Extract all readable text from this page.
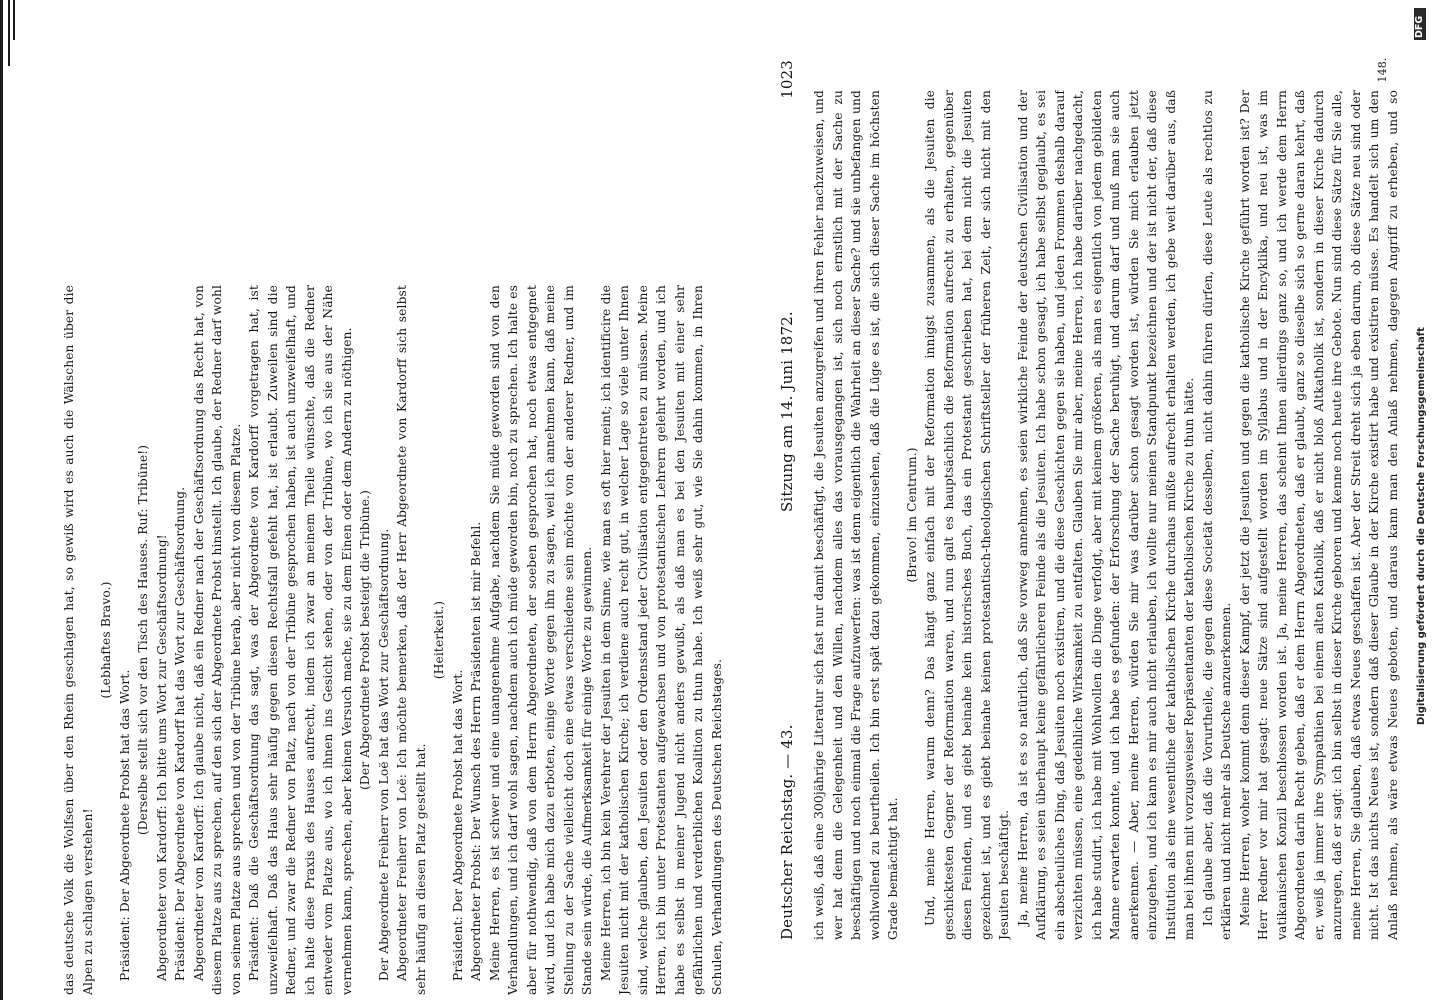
das deutsche Volk die Wolfsen über den Rhein geschlagen hat, so gewiß wird es auch die Wälschen über die Alpen zu schlagen verstehen!

(Lebhaftes Bravo.)

Präsident: Der Abgeordnete Probst hat das Wort. (Derselbe stellt sich vor den Tisch des Hauses. Ruf: Tribüne!) Abgeordneter von Kardorff: Ich bitte ums Wort zur Geschäftsordnung! Präsident: Der Abgeordnete von Kardorff hat das Wort zur Geschäftsordnung. Abgeordneter von Kardorff: Ich glaube nicht, daß ein Redner nach der Geschäftsordnung das Recht hat, von diesem Platze aus zu sprechen, auf den sich der Abgeordnete Probst hinstellt. Ich glaube, der Redner darf wohl von seinem Platze aus sprechen und von der Tribüne herab, aber nicht von diesem Platze. Präsident: Daß die Geschäftsordnung das sagt, was der Abgeordnete von Kardorff vorgetragen hat, ist unzweifelhaft. Daß das Haus sehr häufig gegen diesen Rechtsfall gefehlt hat, ist erlaubt. Zuweilen sind die Redner, und zwar die Redner von Platz, nach von der Tribüne gesprochen haben, ist auch unzweifelhaft, und ich halte diese Praxis des Hauses aufrecht, indem ich zwar an meinem Theile wünschte, daß die Redner entweder vom Platze aus, wo ich ihnen ins Gesicht sehen, oder von der Tribüne, wo ich sie aus der Nähe vernehmen kann, sprechen, aber keinen Versuch mache, sie zu dem Einen oder dem Andern zu nöthigen. (Der Abgeordnete Probst besteigt die Tribüne.) Der Abgeordnete Freiherr von Loë hat das Wort zur Geschäftsordnung. Abgeordneter Freiherr von Loë: Ich möchte bemerken, daß der Herr Abgeordnete von Kardorff sich selbst sehr häufig an diesen Platz gestellt hat.

(Heiterkeit.)

Präsident: Der Abgeordnete Probst hat das Wort. Abgeordneter Probst: Der Wunsch des Herrn Präsidenten ist mir Befehl. Meine Herren, es ist schwer und eine unangenehme Aufgabe, nachdem Sie müde geworden sind von den Verhandlungen, und ich darf wohl sagen, nachdem auch ich müde geworden bin, noch zu sprechen. Ich halte es aber für nothwendig, daß von dem Herrn Abgeordneten, der soeben gesprochen hat, noch etwas entgegnet wird, und ich habe mich dazu erboten, einige Worte gegen ihn zu sagen, weil ich annehmen kann, daß meine Stellung zu der Sache vielleicht doch eine etwas verschiedene sein möchte von der anderer Redner, und im Stande sein würde, die Aufmerksamkeit für einige Worte zu gewinnen. Meine Herren, ich bin kein Verehrer der Jesuiten in dem Sinne, wie man es oft hier meint; ich identificire die Jesuiten nicht mit der katholischen Kirche; ich verdiene auch recht gut, in welcher Lage so viele unter Ihnen sind, welche glauben, den Jesuiten oder den Ordensstand jeder Civilisation entgegentreten zu müssen. Meine Herren, ich bin unter Protestanten aufgewachsen und von protestantischen Lehrern gelehrt worden, und ich habe es selbst in meiner Jugend nicht anders gewußt, als daß man es bei den Jesuiten mit einer sehr gefährlichen und verderblichen Koalition zu thun habe. Ich weiß sehr gut, wie Sie dahin kommen, in Ihren Schulen, Verhandlungen des Deutschen Reichstages.	Deutscher Reichstag. — 43.
Sitzung am 14. Juni 1872.
1023

ich weiß, daß eine 300jährige Literatur sich fast nur damit beschäftigt, die Jesuiten anzugreifen und ihren Fehler nachzuweisen, und wer hat denn die Gelegenheit und den Willen, nachdem alles das vorausgegangen ist, sich noch ernstlich mit der Sache zu beschäftigen und noch einmal die Frage aufzuwerfen: was ist denn eigentlich die Wahrheit an dieser Sache? und sie unbefangen und wohlwollend zu beurtheilen. Ich bin erst spät dazu gekommen, einzusehen, daß die Lüge es ist, die sich dieser Sache im höchsten Grade bemächtigt hat.

(Bravo! im Centrum.) Und, meine Herren, warum denn? Das hängt ganz einfach mit der Reformation innigst zusammen, als die Jesuiten die geschicktesten Gegner der Reformation waren, und nun galt es hauptsächlich die Reformation aufrecht zu erhalten, gegenüber diesen Feinden, und es giebt beinahe kein historisches Buch, das ein Protestant geschrieben hat, bei dem nicht die Jesuiten gezeichnet ist, und es giebt beinahe keinen protestantisch-theologischen Schriftsteller der früheren Zeit, der sich nicht mit den Jesuiten beschäftigt. Ja, meine Herren, da ist es so natürlich, daß Sie vorweg annehmen, es seien wirkliche Feinde der deutschen Civilisation und der Aufklärung, es seien überhaupt keine gefährlicheren Feinde als die Jesuiten. Ich habe schon gesagt, ich habe selbst geglaubt, es sei ein abscheuliches Ding, daß Jesuiten noch existiren, und die diese Geschichten gegen sie haben, und jeden Frommen deshalb darauf verzichten müssen, eine gedeihliche Wirksamkeit zu entfalten. Glauben Sie mir aber, meine Herren, ich habe darüber nachgedacht, ich habe studirt, ich habe mit Wohlwollen die Dinge verfolgt, aber mit keinem größeren, als man es eigentlich von jedem gebildeten Manne erwarten konnte, und ich habe es gefunden: der Erforschung der Sache beruhigt, und darum darf und muß man sie auch anerkennen. — Aber, meine Herren, würden Sie mir was darüber schon gesagt worden ist, würden Sie mich erlauben jetzt einzugehen, und ich kann es mir auch nicht erlauben, ich wollte nur meinen Standpunkt bezeichnen und der ist nicht der, daß diese Institution als eine wesentliche der katholischen Kirche durchaus müßte aufrecht erhalten werden, ich gebe weit darüber aus, daß man bei ihnen mit vorzugsweiser Repräsentanten der katholischen Kirche zu thun hätte. Ich glaube aber, daß die Vorurtheile, die gegen diese Societät desselben, nicht dahin führen dürfen, diese Leute als rechtlos zu erklären und nicht mehr als Deutsche anzuerkennen. Meine Herren, woher kommt denn dieser Kampf, der jetzt die Jesuiten und gegen die katholische Kirche geführt worden ist? Der Herr Redner vor mir hat gesagt: neue Sätze sind aufgestellt worden im Syllabus und in der Encyklika, und neu ist, was im vatikanischen Konzil beschlossen worden ist. Ja, meine Herren, das scheint Ihnen allerdings ganz so, und ich werde dem Herrn Abgeordneten darin Recht geben, daß er dem Herrn Abgeordneten, daß er glaubt, ganz so dieselbe sich so gerne daran kehrt, daß er, weiß ja immer ihre Sympathien bei einem alten Katholik, daß er nicht bloß Altkatholik ist, sondern in dieser Kirche dadurch anzuregen, daß er sagt: ich bin selbst in dieser Kirche geboren und kenne noch heute ihre Gebote. Nun sind diese Sätze für Sie alle, meine Herren, Sie glauben, daß etwas Neues geschaffen ist. Aber der Streit dreht sich ja eben darum, ob diese Sätze neu sind oder nicht. Ist das nichts Neues ist, sondern daß dieser Glaube in der Kirche existirt habe und existiren müsse. Es handelt sich um den Anlaß nehmen, als wäre etwas Neues geboten, und daraus kann man den Anlaß nehmen, dagegen Angriff zu erheben, und so

148.
DFG
Digitalisierung gefördert durch die Deutsche Forschungsgemeinschaft
